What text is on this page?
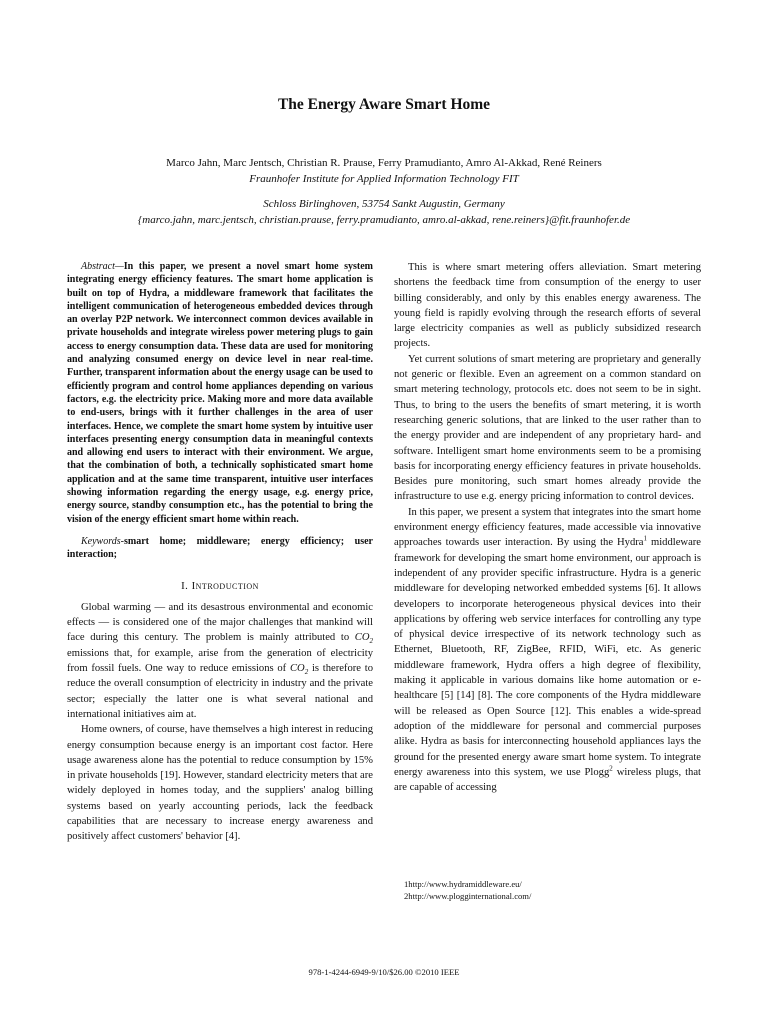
The Energy Aware Smart Home
Marco Jahn, Marc Jentsch, Christian R. Prause, Ferry Pramudianto, Amro Al-Akkad, René Reiners
Fraunhofer Institute for Applied Information Technology FIT
Schloss Birlinghoven, 53754 Sankt Augustin, Germany
{marco.jahn, marc.jentsch, christian.prause, ferry.pramudianto, amro.al-akkad, rene.reiners}@fit.fraunhofer.de

Abstract—In this paper, we present a novel smart home system integrating energy efficiency features. The smart home application is built on top of Hydra, a middleware framework that facilitates the intelligent communication of heterogeneous embedded devices through an overlay P2P network. We interconnect common devices available in private households and integrate wireless power metering plugs to gain access to energy consumption data. These data are used for monitoring and analyzing consumed energy on device level in near real-time. Further, transparent information about the energy usage can be used to efficiently program and control home appliances depending on various factors, e.g. the electricity price. Making more and more data available to end-users, brings with it further challenges in the area of user interfaces. Hence, we complete the smart home system by intuitive user interfaces presenting energy consumption data in meaningful contexts and allowing end users to interact with their environment. We argue, that the combination of both, a technically sophisticated smart home application and at the same time transparent, intuitive user interfaces showing information regarding the energy usage, e.g. energy price, energy source, standby consumption etc., has the potential to bring the vision of the energy efficient smart home within reach.

Keywords-smart home; middleware; energy efficiency; user interaction;

I. Introduction

Global warming — and its desastrous environmental and economic effects — is considered one of the major challenges that mankind will face during this century. The problem is mainly attributed to $CO_2$ emissions that, for example, arise from the generation of electricity from fossil fuels. One way to reduce emissions of $CO_2$ is therefore to reduce the overall consumption of electricity in industry and the private sector; especially the latter one is what several national and international initiatives aim at.

Home owners, of course, have themselves a high interest in reducing energy consumption because energy is an important cost factor. Here usage awareness alone has the potential to reduce consumption by 15% in private households [19]. However, standard electricity meters that are widely deployed in homes today, and the suppliers' analog billing systems based on yearly accounting periods, lack the feedback capabilities that are necessary to increase energy awareness and positively affect customers' behavior [4].

This is where smart metering offers alleviation. Smart metering shortens the feedback time from consumption of the energy to user billing considerably, and only by this enables energy awareness. The young field is rapidly evolving through the research efforts of several large electricity companies as well as publicly subsidized research projects.

Yet current solutions of smart metering are proprietary and generally not generic or flexible. Even an agreement on a common standard on smart metering technology, protocols etc. does not seem to be in sight. Thus, to bring to the users the benefits of smart metering, it is worth researching generic solutions, that are linked to the user rather than to the energy provider and are independent of any proprietary hard- and software. Intelligent smart home environments seem to be a promising basis for incorporating energy efficiency features in private households. Besides pure monitoring, such smart homes already provide the infrastructure to use e.g. energy pricing information to control devices.

In this paper, we present a system that integrates into the smart home environment energy efficiency features, made accessible via innovative approaches towards user interaction. By using the Hydra$^1$ middleware framework for developing the smart home environment, our approach is independent of any provider specific infrastructure. Hydra is a generic middleware for developing networked embedded systems [6]. It allows developers to incorporate heterogeneous physical devices into their applications by offering web service interfaces for controlling any type of physical device irrespective of its network technology such as Ethernet, Bluetooth, RF, ZigBee, RFID, WiFi, etc. As generic middleware framework, Hydra offers a high degree of flexibility, making it applicable in various domains like home automation or e-healthcare [5] [14] [8]. The core components of the Hydra middleware will be released as Open Source [12]. This enables a wide-spread adoption of the middleware for personal and commercial purposes alike. Hydra as basis for interconnecting household appliances lays the ground for the presented energy aware smart home system. To integrate energy awareness into this system, we use Plogg$^2$ wireless plugs, that are capable of accessing

1http://www.hydramiddleware.eu/
2http://www.plogginternational.com/
978-1-4244-6949-9/10/$26.00 ©2010 IEEE
